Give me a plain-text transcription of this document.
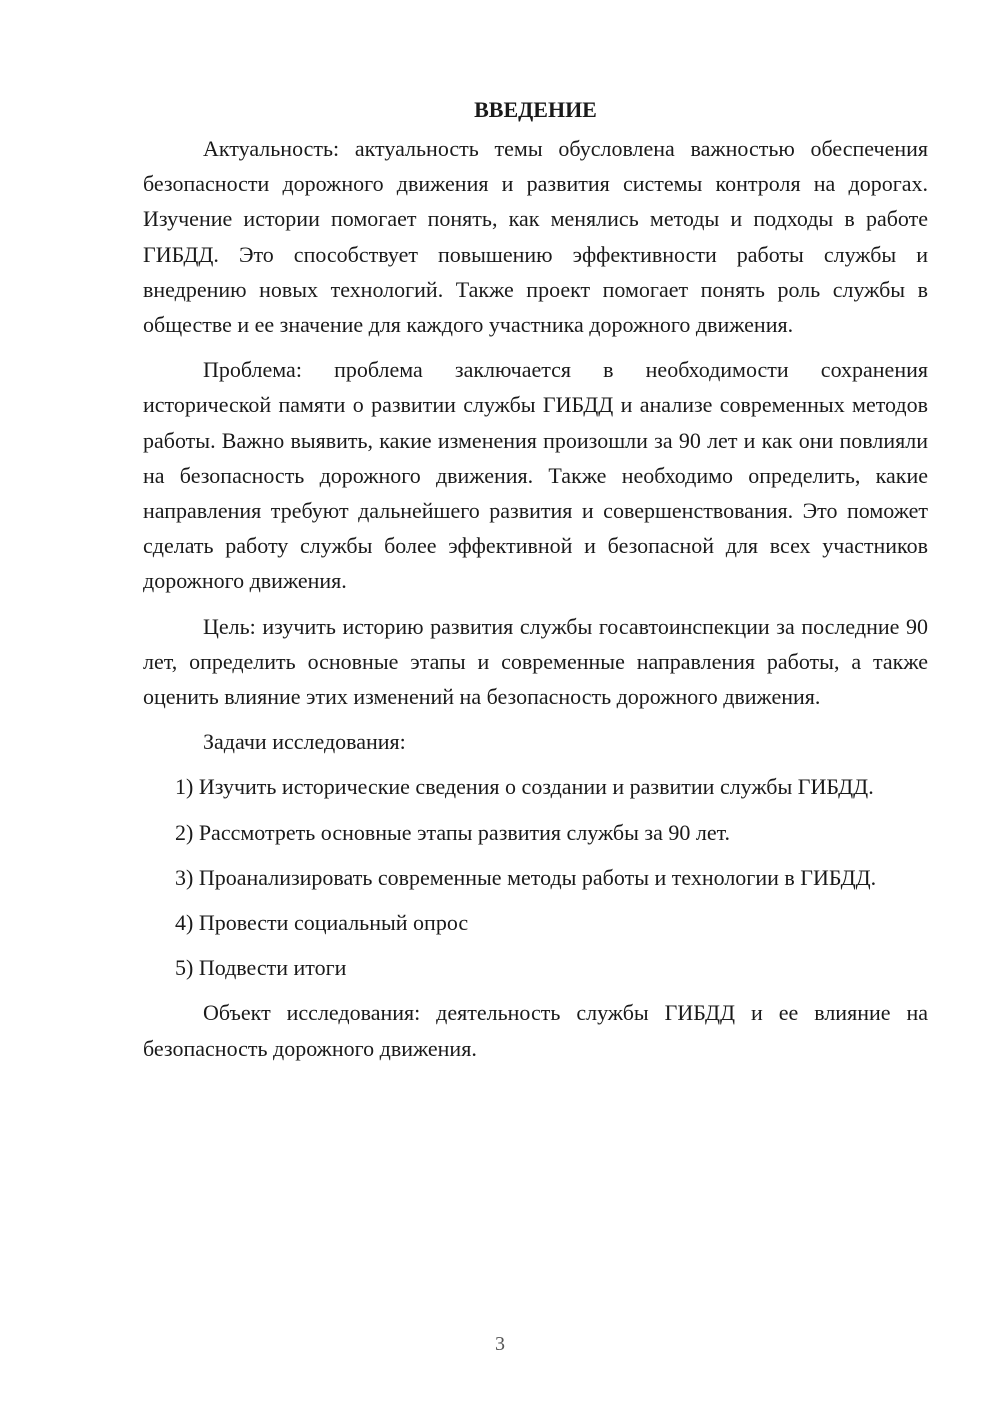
ВВЕДЕНИЕ

Актуальность: актуальность темы обусловлена важностью обеспечения безопасности дорожного движения и развития системы контроля на дорогах. Изучение истории помогает понять, как менялись методы и подходы в работе ГИБДД. Это способствует повышению эффективности работы службы и внедрению новых технологий. Также проект помогает понять роль службы в обществе и ее значение для каждого участника дорожного движения.

Проблема: проблема заключается в необходимости сохранения исторической памяти о развитии службы ГИБДД и анализе современных методов работы. Важно выявить, какие изменения произошли за 90 лет и как они повлияли на безопасность дорожного движения. Также необходимо определить, какие направления требуют дальнейшего развития и совершенствования. Это поможет сделать работу службы более эффективной и безопасной для всех участников дорожного движения.

Цель: изучить историю развития службы госавтоинспекции за последние 90 лет, определить основные этапы и современные направления работы, а также оценить влияние этих изменений на безопасность дорожного движения.

Задачи исследования:

1) Изучить исторические сведения о создании и развитии службы ГИБДД.

2) Рассмотреть основные этапы развития службы за 90 лет.

3) Проанализировать современные методы работы и технологии в ГИБДД.

4) Провести социальный опрос

5) Подвести итоги

Объект исследования: деятельность службы ГИБДД и ее влияние на безопасность дорожного движения.

3
